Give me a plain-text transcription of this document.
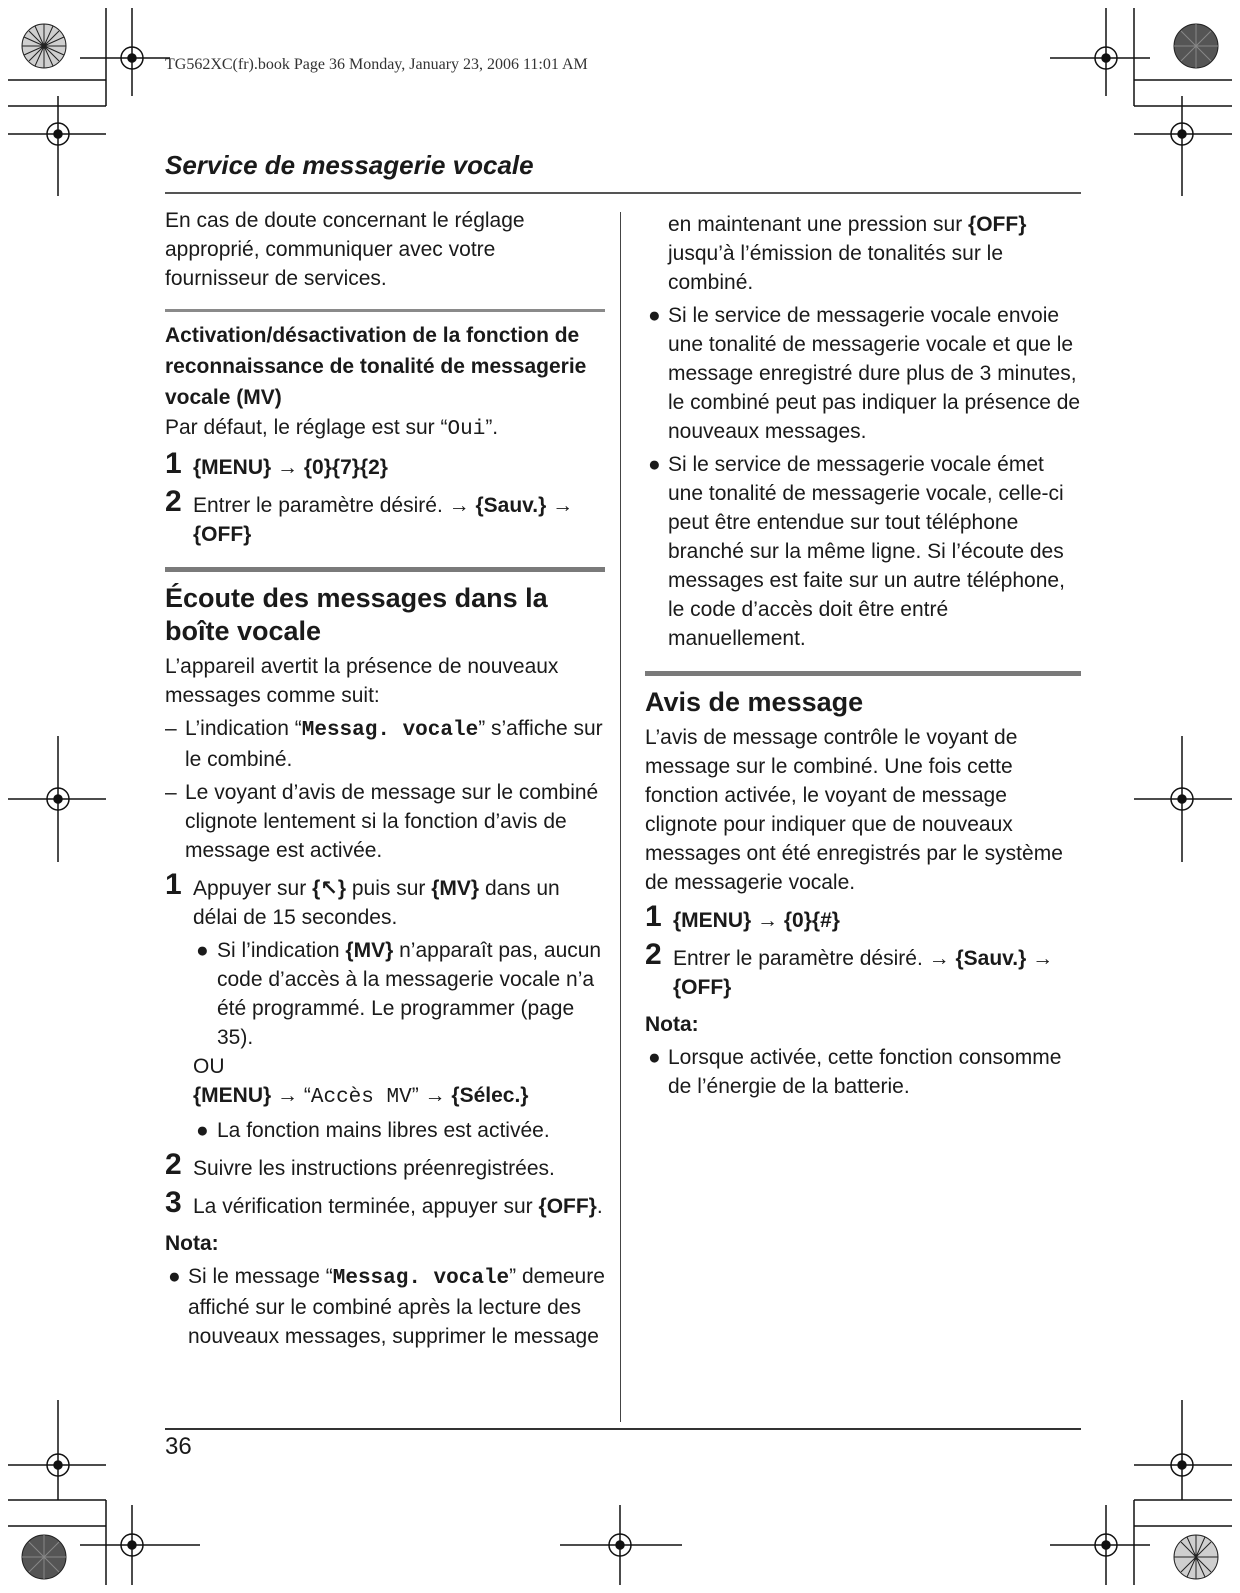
TG562XC(fr).book Page 36 Monday, January 23, 2006 11:01 AM
Service de messagerie vocale

En cas de doute concernant le réglage approprié, communiquer avec votre fournisseur de services.

Activation/désactivation de la fonction de reconnaissance de tonalité de messagerie vocale (MV)

Par défaut, le réglage est sur “Oui”.

1 {MENU} → {0}{7}{2}
2 Entrer le paramètre désiré. → {Sauv.} → {OFF}

Écoute des messages dans la boîte vocale

L’appareil avertit la présence de nouveaux messages comme suit:

– L’indication “Messag. vocale” s’affiche sur le combiné.
– Le voyant d’avis de message sur le combiné clignote lentement si la fonction d’avis de message est activée.
1 Appuyer sur {↖} puis sur {MV} dans un délai de 15 secondes.
● Si l’indication {MV} n’apparaît pas, aucun code d’accès à la messagerie vocale n’a été programmé. Le programmer (page 35).

OU

{MENU} → “Accès MV” → {Sélec.}

● La fonction mains libres est activée.
2 Suivre les instructions préenregistrées.
3 La vérification terminée, appuyer sur {OFF}.

Nota:

● Si le message “Messag. vocale” demeure affiché sur le combiné après la lecture des nouveaux messages, supprimer le message
en maintenant une pression sur {OFF} jusqu’à l’émission de tonalités sur le combiné.
● Si le service de messagerie vocale envoie une tonalité de messagerie vocale et que le message enregistré dure plus de 3 minutes, le combiné peut pas indiquer la présence de nouveaux messages.
● Si le service de messagerie vocale émet une tonalité de messagerie vocale, celle-ci peut être entendue sur tout téléphone branché sur la même ligne. Si l’écoute des messages est faite sur un autre téléphone, le code d’accès doit être entré manuellement.

Avis de message

L’avis de message contrôle le voyant de message sur le combiné. Une fois cette fonction activée, le voyant de message clignote pour indiquer que de nouveaux messages ont été enregistrés par le système de messagerie vocale.

1 {MENU} → {0}{#}
2 Entrer le paramètre désiré. → {Sauv.} → {OFF}

Nota:

● Lorsque activée, cette fonction consomme de l’énergie de la batterie.
36
